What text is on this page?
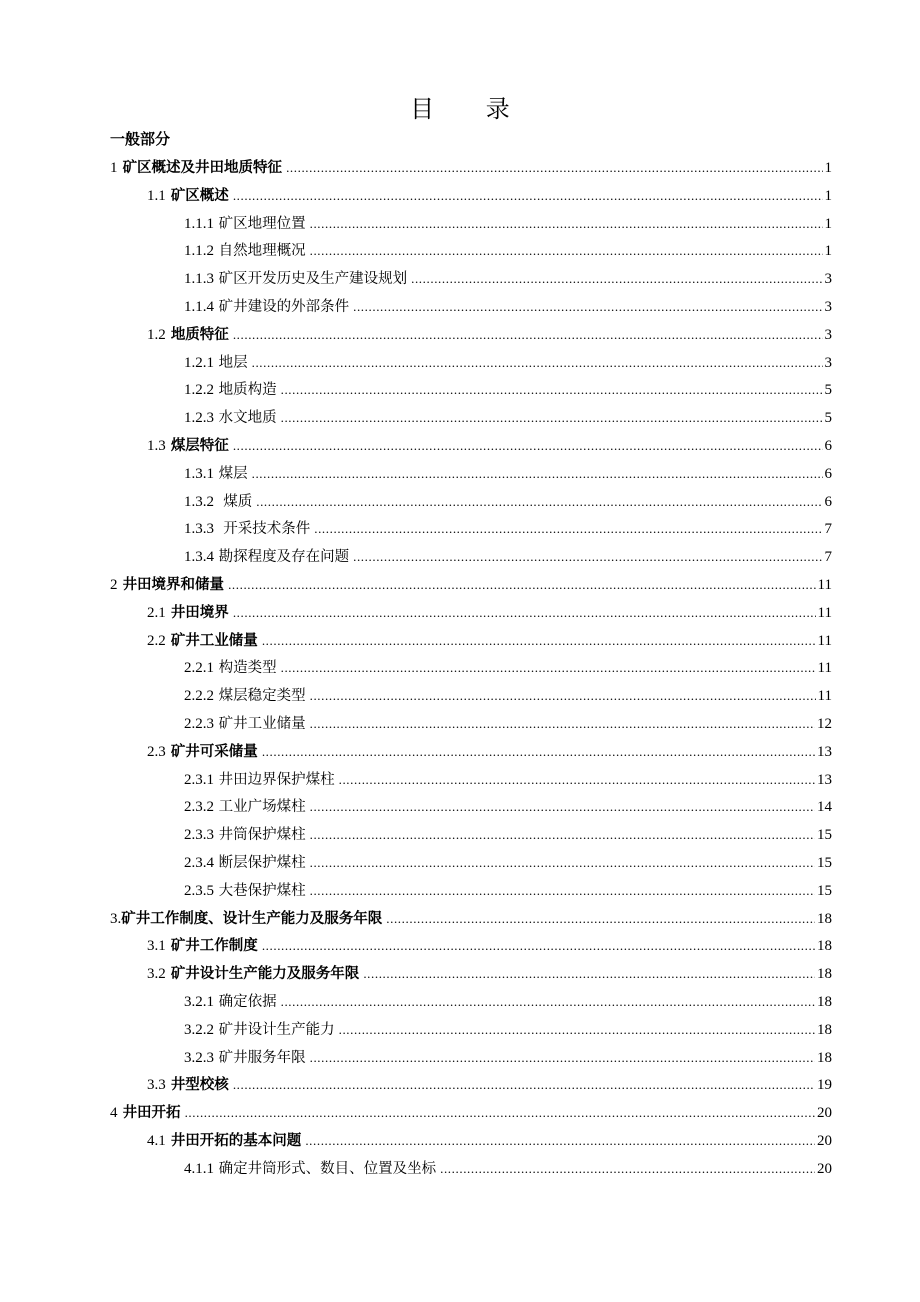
目 录
一般部分
1 矿区概述及井田地质特征 .....	1
1.1 矿区概述 .....	1
1.1.1 矿区地理位置 .....	1
1.1.2 自然地理概况 .....	1
1.1.3 矿区开发历史及生产建设规划 .....	3
1.1.4 矿井建设的外部条件 .....	3
1.2 地质特征 .....	3
1.2.1 地层 .....	3
1.2.2 地质构造 .....	5
1.2.3 水文地质 .....	5
1.3 煤层特征 .....	6
1.3.1 煤层 .....	6
1.3.2  煤质 .....	6
1.3.3  开采技术条件 .....	7
1.3.4 勘探程度及存在问题 .....	7
2 井田境界和储量 .....	11
2.1 井田境界 .....	11
2.2 矿井工业储量 .....	11
2.2.1 构造类型 .....	11
2.2.2 煤层稳定类型 .....	11
2.2.3 矿井工业储量 .....	12
2.3 矿井可采储量 .....	13
2.3.1 井田边界保护煤柱 .....	13
2.3.2 工业广场煤柱 .....	14
2.3.3 井筒保护煤柱 .....	15
2.3.4 断层保护煤柱 .....	15
2.3.5 大巷保护煤柱 .....	15
3.矿井工作制度、设计生产能力及服务年限 .....	18
3.1 矿井工作制度 .....	18
3.2 矿井设计生产能力及服务年限 .....	18
3.2.1 确定依据 .....	18
3.2.2 矿井设计生产能力 .....	18
3.2.3 矿井服务年限 .....	18
3.3 井型校核 .....	19
4 井田开拓 .....	20
4.1 井田开拓的基本问题 .....	20
4.1.1 确定井筒形式、数目、位置及坐标 .....	20
